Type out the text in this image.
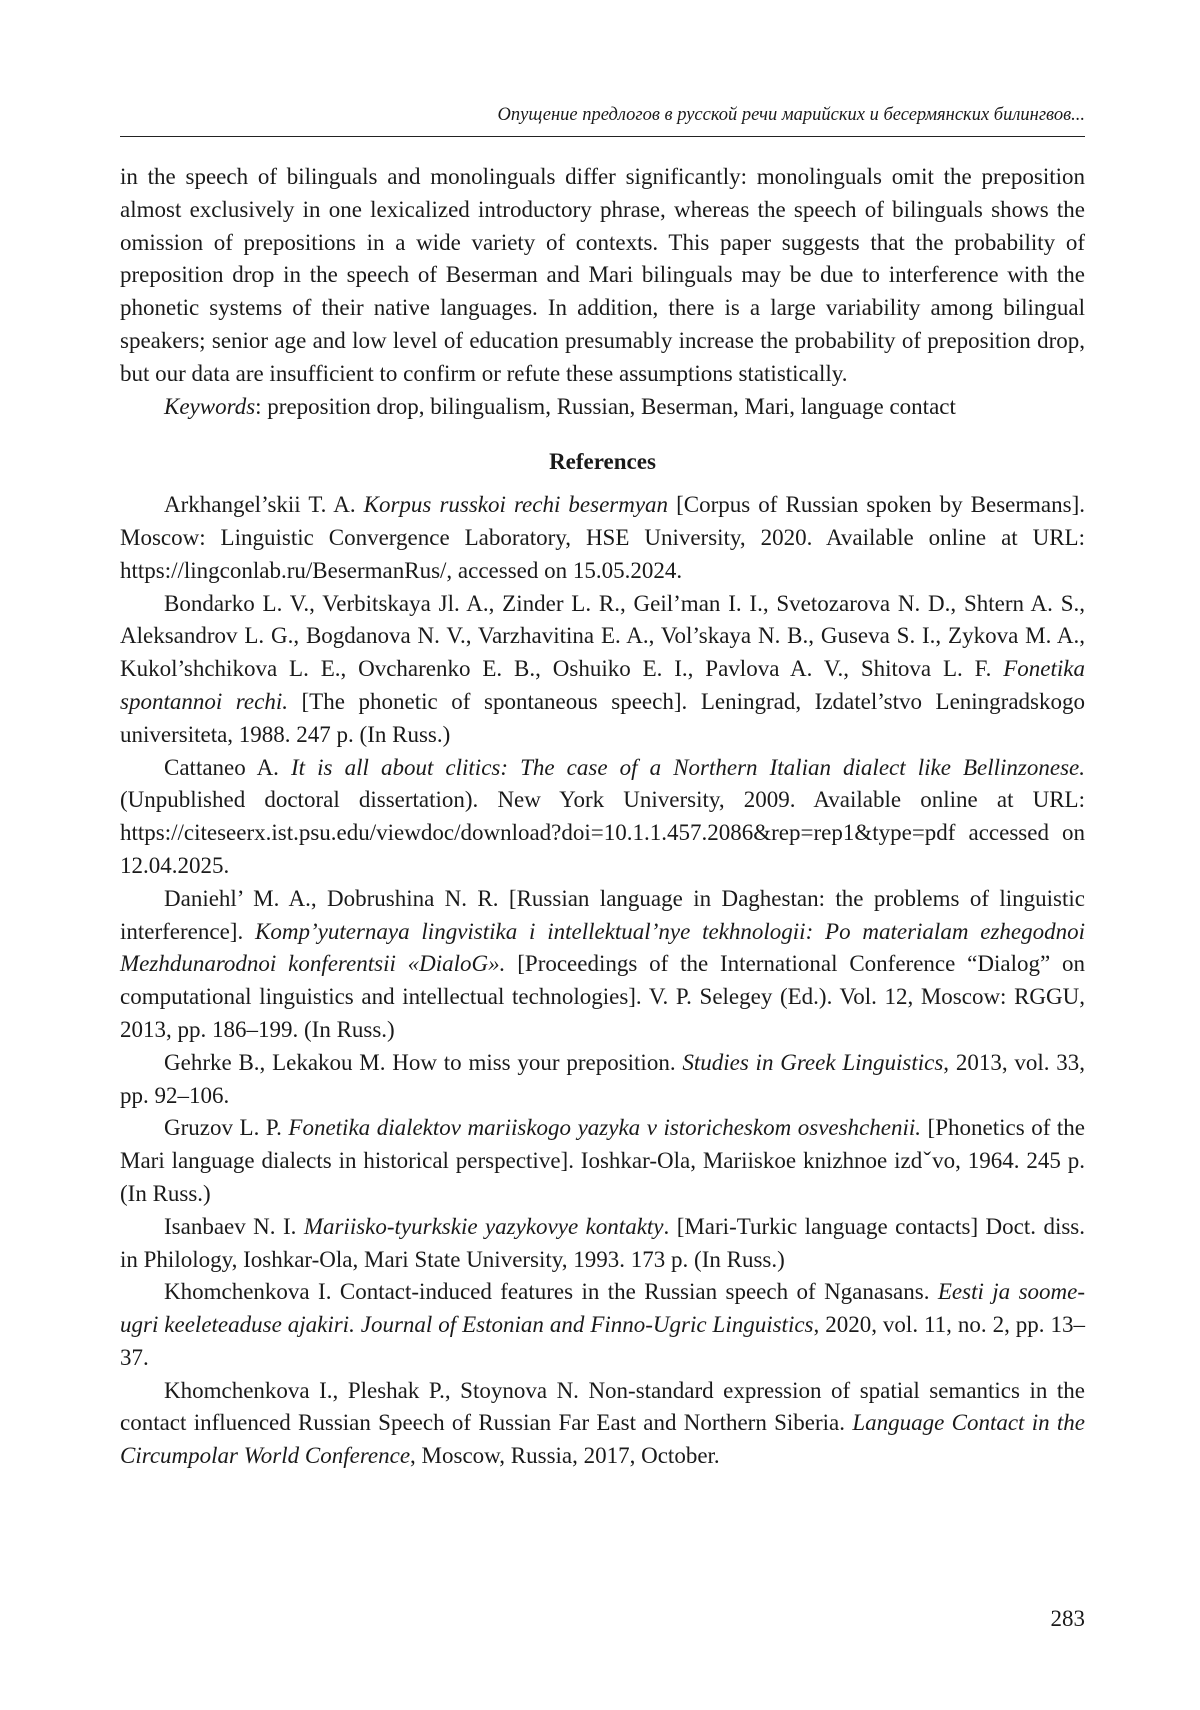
Опущение предлогов в русской речи марийских и бесермянских билингвов...

in the speech of bilinguals and monolinguals differ significantly: monolinguals omit the preposition almost exclusively in one lexicalized introductory phrase, whereas the speech of bilinguals shows the omission of prepositions in a wide variety of contexts. This paper suggests that the probability of preposition drop in the speech of Beserman and Mari bilinguals may be due to interference with the phonetic systems of their native languages. In addition, there is a large variability among bilingual speakers; senior age and low level of education presumably increase the probability of preposition drop, but our data are insufficient to confirm or refute these assumptions statistically.

Keywords: preposition drop, bilingualism, Russian, Beserman, Mari, language contact

References

Arkhangel’skii T. A. Korpus russkoi rechi besermyan [Corpus of Russian spoken by Besermans]. Moscow: Linguistic Convergence Laboratory, HSE University, 2020. Available online at URL: https://lingconlab.ru/BesermanRus/, accessed on 15.05.2024.

Bondarko L. V., Verbitskaya Jl. A., Zinder L. R., Geil’man I. I., Svetozarova N. D., Shtern A. S., Aleksandrov L. G., Bogdanova N. V., Varzhavitina E. A., Vol’skaya N. B., Guseva S. I., Zykova M. A., Kukol’shchikova L. E., Ovcharenko E. B., Oshuiko E. I., Pavlova A. V., Shitova L. F. Fonetika spontannoi rechi. [The phonetic of spontaneous speech]. Leningrad, Izdatel’stvo Leningradskogo universiteta, 1988. 247 p. (In Russ.)

Cattaneo A. It is all about clitics: The case of a Northern Italian dialect like Bellinzonese. (Unpublished doctoral dissertation). New York University, 2009. Available online at URL: https://citeseerx.ist.psu.edu/viewdoc/download?doi=10.1.1.457.2086&rep=rep1&type=pdf accessed on 12.04.2025.

Daniehl’ M. A., Dobrushina N. R. [Russian language in Daghestan: the problems of linguistic interference]. Komp’yuternaya lingvistika i intellektual’nye tekhnologii: Po materialam ezhegodnoi Mezhdunarodnoi konferentsii «DialoG». [Proceedings of the International Conference “Dialog” on computational linguistics and intellectual technologies]. V. P. Selegey (Ed.). Vol. 12, Moscow: RGGU, 2013, pp. 186–199. (In Russ.)

Gehrke B., Lekakou M. How to miss your preposition. Studies in Greek Linguistics, 2013, vol. 33, pp. 92–106.

Gruzov L. P. Fonetika dialektov mariiskogo yazyka v istoricheskom osveshchenii. [Phonetics of the Mari language dialects in historical perspective]. Ioshkar-Ola, Mariiskoe knizhnoe izdˇvo, 1964. 245 p. (In Russ.)

Isanbaev N. I. Mariisko-tyurkskie yazykovye kontakty. [Mari-Turkic language contacts] Doct. diss. in Philology, Ioshkar-Ola, Mari State University, 1993. 173 p. (In Russ.)

Khomchenkova I. Contact-induced features in the Russian speech of Nganasans. Eesti ja soome-ugri keeleteaduse ajakiri. Journal of Estonian and Finno-Ugric Linguistics, 2020, vol. 11, no. 2, pp. 13–37.

Khomchenkova I., Pleshak P., Stoynova N. Non-standard expression of spatial semantics in the contact influenced Russian Speech of Russian Far East and Northern Siberia. Language Contact in the Circumpolar World Conference, Moscow, Russia, 2017, October.

283
